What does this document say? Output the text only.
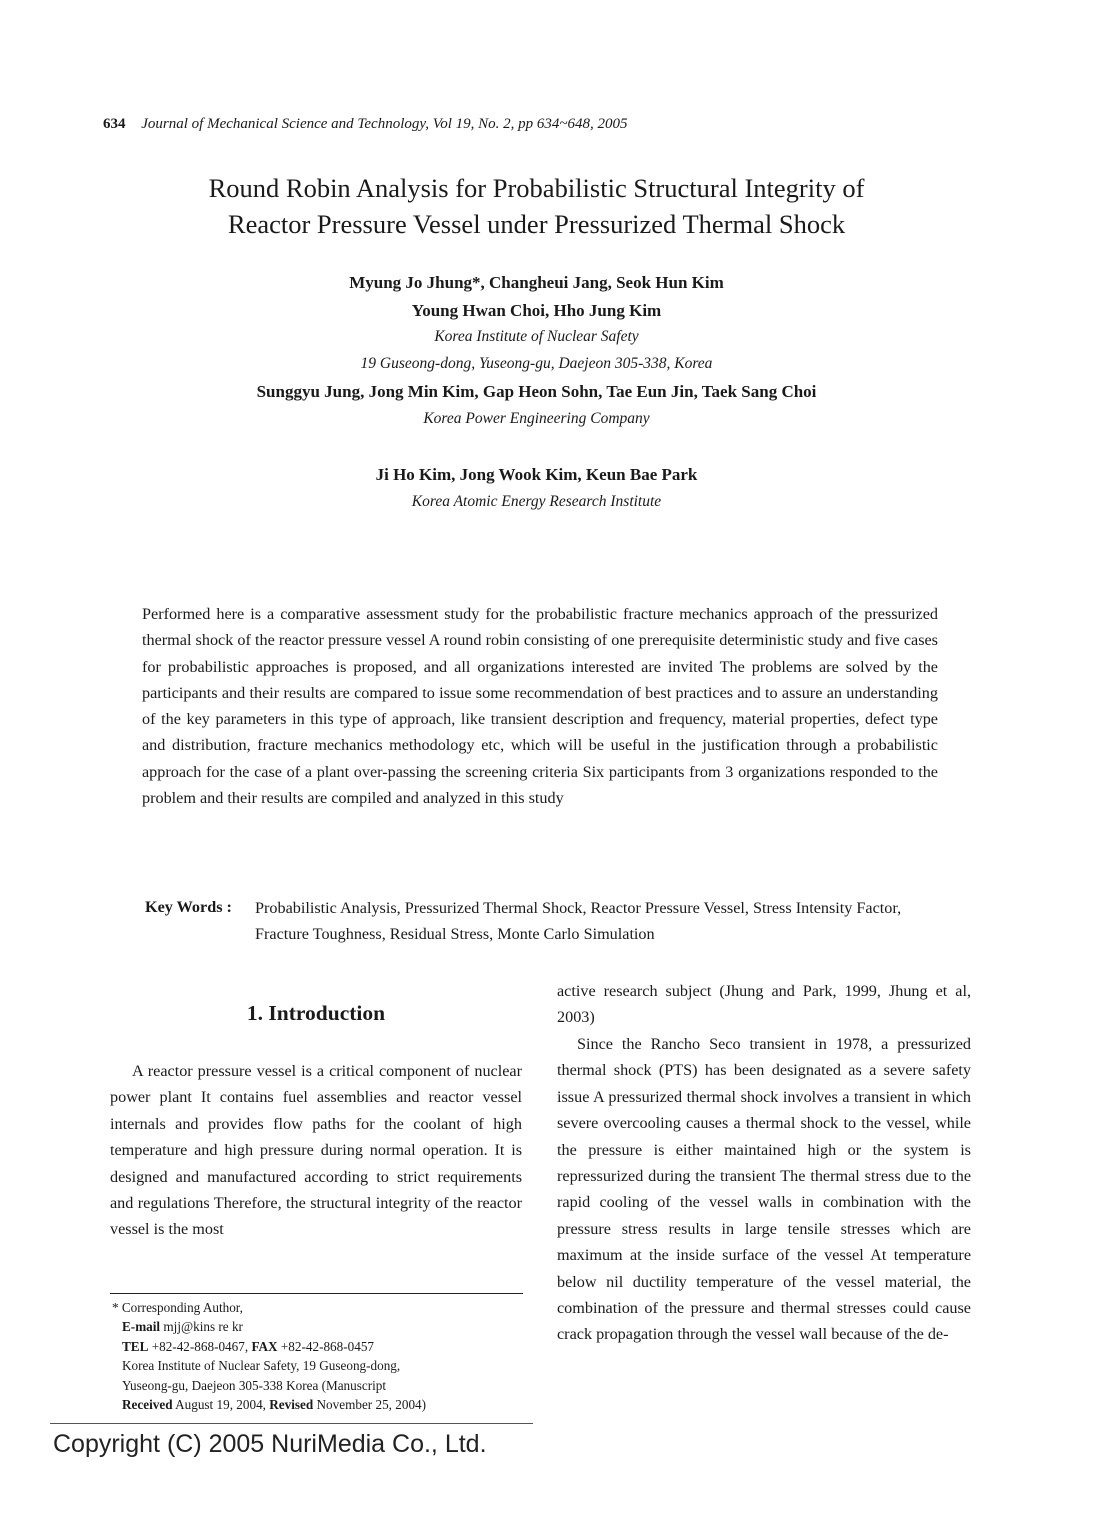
634 Journal of Mechanical Science and Technology, Vol 19, No. 2, pp 634~648, 2005
Round Robin Analysis for Probabilistic Structural Integrity of
Reactor Pressure Vessel under Pressurized Thermal Shock
Myung Jo Jhung*, Changheui Jang, Seok Hun Kim
Young Hwan Choi, Hho Jung Kim
Korea Institute of Nuclear Safety
19 Guseong-dong, Yuseong-gu, Daejeon 305-338, Korea
Sunggyu Jung, Jong Min Kim, Gap Heon Sohn, Tae Eun Jin, Taek Sang Choi
Korea Power Engineering Company
Ji Ho Kim, Jong Wook Kim, Keun Bae Park
Korea Atomic Energy Research Institute

Performed here is a comparative assessment study for the probabilistic fracture mechanics approach of the pressurized thermal shock of the reactor pressure vessel A round robin consisting of one prerequisite deterministic study and five cases for probabilistic approaches is proposed, and all organizations interested are invited The problems are solved by the participants and their results are compared to issue some recommendation of best practices and to assure an understanding of the key parameters in this type of approach, like transient description and frequency, material properties, defect type and distribution, fracture mechanics methodology etc, which will be useful in the justification through a probabilistic approach for the case of a plant over-passing the screening criteria Six participants from 3 organizations responded to the problem and their results are compiled and analyzed in this study

Key Words : Probabilistic Analysis, Pressurized Thermal Shock, Reactor Pressure Vessel, Stress Intensity Factor, Fracture Toughness, Residual Stress, Monte Carlo Simulation

1. Introduction

A reactor pressure vessel is a critical component of nuclear power plant It contains fuel assemblies and reactor vessel internals and provides flow paths for the coolant of high temperature and high pressure during normal operation. It is designed and manufactured according to strict requirements and regulations Therefore, the structural integrity of the reactor vessel is the most

active research subject (Jhung and Park, 1999, Jhung et al, 2003)

Since the Rancho Seco transient in 1978, a pressurized thermal shock (PTS) has been designated as a severe safety issue A pressurized thermal shock involves a transient in which severe overcooling causes a thermal shock to the vessel, while the pressure is either maintained high or the system is repressurized during the transient The thermal stress due to the rapid cooling of the vessel walls in combination with the pressure stress results in large tensile stresses which are maximum at the inside surface of the vessel At temperature below nil ductility temperature of the vessel material, the combination of the pressure and thermal stresses could cause crack propagation through the vessel wall because of the de-

* Corresponding Author,
E-mail mjj@kins re kr
TEL +82-42-868-0467, FAX +82-42-868-0457
Korea Institute of Nuclear Safety, 19 Guseong-dong,
Yuseong-gu, Daejeon 305-338 Korea (Manuscript
Received August 19, 2004, Revised November 25, 2004)
Copyright (C) 2005 NuriMedia Co., Ltd.
